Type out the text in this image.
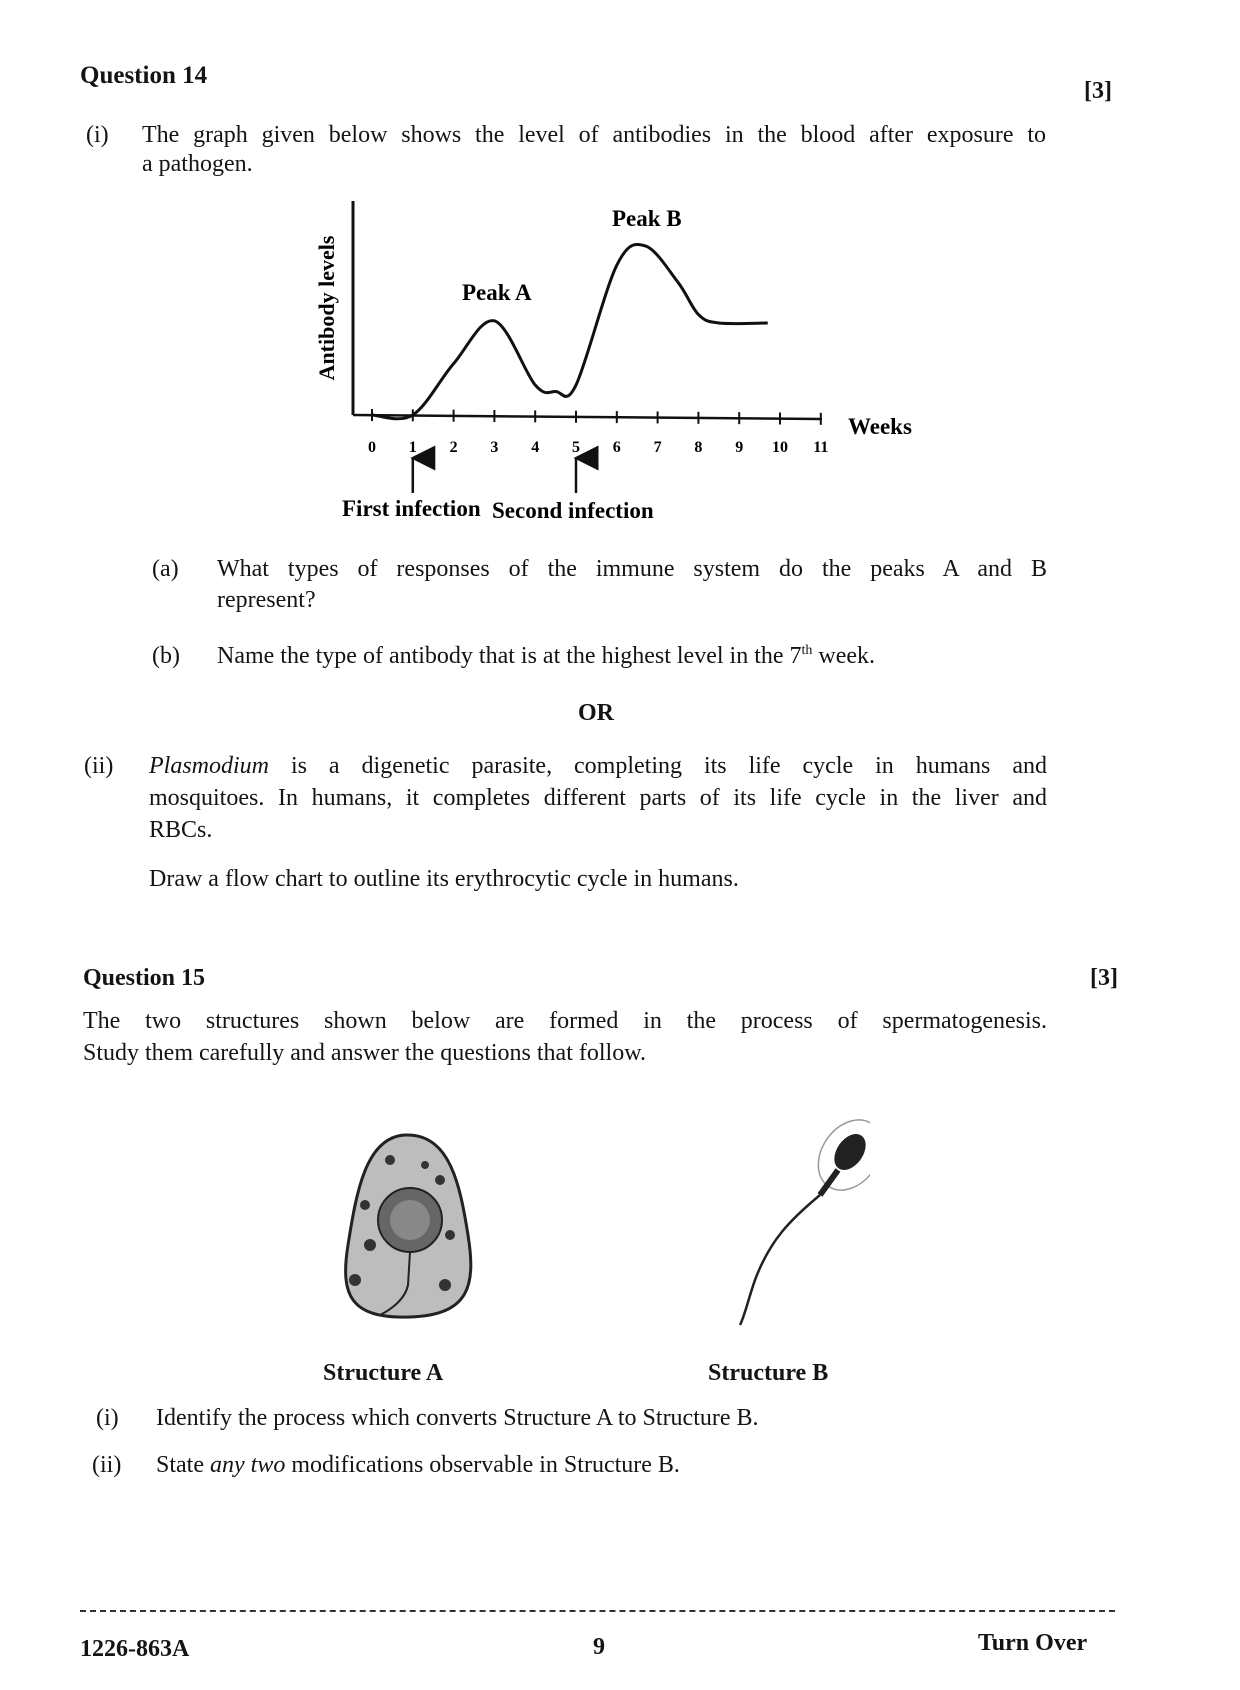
Question 14
[3]
(i) The graph given below shows the level of antibodies in the blood after exposure to
a pathogen.
Antibody levels
Weeks
Peak A
Peak B
0 1 2 3 4 5 6 7 8 9 10 11
First infection Second infection
(a) What types of responses of the immune system do the peaks A and B
represent?
(b) Name the type of antibody that is at the highest level in the 7th week.
OR
(ii) Plasmodium is a digenetic parasite, completing its life cycle in humans and
mosquitoes. In humans, it completes different parts of its life cycle in the liver and
RBCs.
Draw a flow chart to outline its erythrocytic cycle in humans.
Question 15	[3]
The two structures shown below are formed in the process of spermatogenesis.
Study them carefully and answer the questions that follow.
Structure A	Structure B
(i) Identify the process which converts Structure A to Structure B.
(ii) State any two modifications observable in Structure B.
1226-863A	9	Turn Over
